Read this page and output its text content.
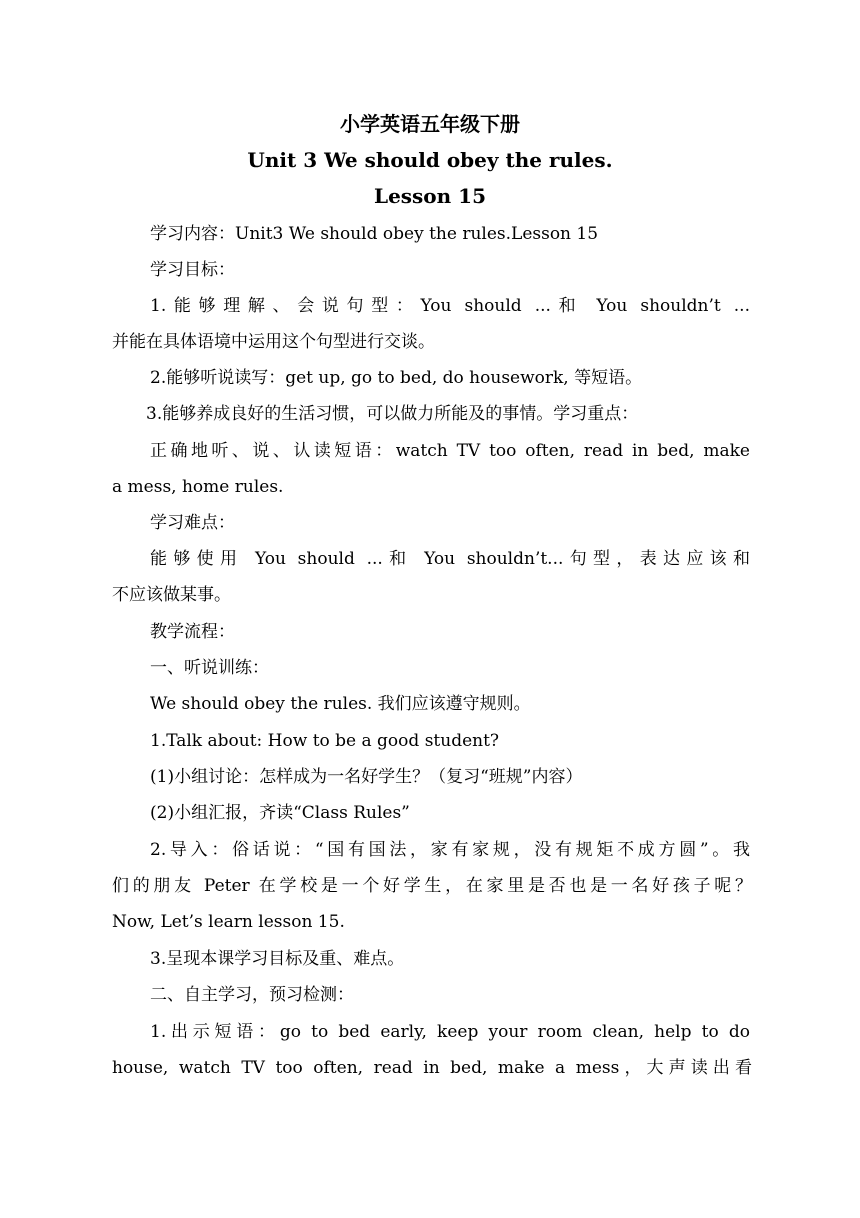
小学英语五年级下册
Unit 3 We should obey the rules.
Lesson 15
学习内容：Unit3 We should obey the rules.Lesson 15
学习目标：
1.能够理解、会说句型：You should ...和 You shouldn’t ...
并能在具体语境中运用这个句型进行交谈。
2.能够听说读写：get up, go to bed, do housework, 等短语。
3.能够养成良好的生活习惯，可以做力所能及的事情。学习重点：
正确地听、说、认读短语：watch TV too often, read in bed, make
a mess, home rules.
学习难点：
能够使用 You should ...和 You shouldn’t...句型，表达应该和
不应该做某事。
教学流程：
一、听说训练：
We should obey the rules. 我们应该遵守规则。
1.Talk about: How to be a good student?
(1)小组讨论：怎样成为一名好学生？（复习“班规”内容）
(2)小组汇报，齐读“Class Rules”
2.导入：俗话说：“国有国法，家有家规，没有规矩不成方圆”。我
们的朋友 Peter 在学校是一个好学生，在家里是否也是一名好孩子呢？
Now, Let’s learn lesson 15.
3.呈现本课学习目标及重、难点。
二、自主学习，预习检测：
1.出示短语：go to bed early, keep your room clean, help to do
house, watch TV too often, read in bed, make a mess，大声读出看
